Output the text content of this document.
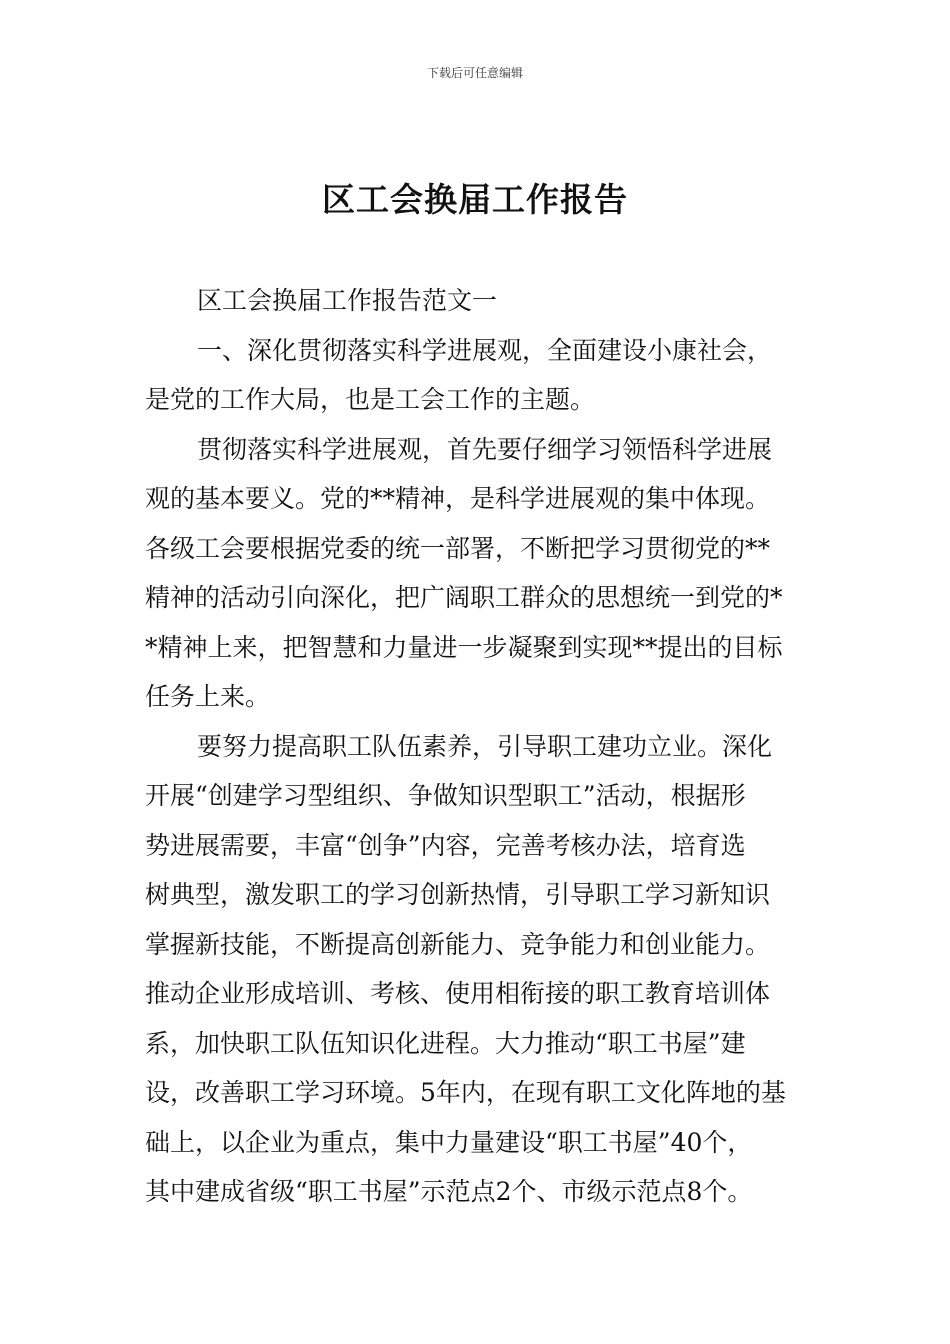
下载后可任意编辑
区工会换届工作报告
区工会换届工作报告范文一
一、深化贯彻落实科学进展观，全面建设小康社会，
是党的工作大局，也是工会工作的主题。
贯彻落实科学进展观，首先要仔细学习领悟科学进展
观的基本要义。党的**精神，是科学进展观的集中体现。
各级工会要根据党委的统一部署，不断把学习贯彻党的**
精神的活动引向深化，把广阔职工群众的思想统一到党的*
*精神上来，把智慧和力量进一步凝聚到实现**提出的目标
任务上来。
要努力提高职工队伍素养，引导职工建功立业。深化
开展“创建学习型组织、争做知识型职工”活动，根据形
势进展需要，丰富“创争”内容，完善考核办法，培育选
树典型，激发职工的学习创新热情，引导职工学习新知识
掌握新技能，不断提高创新能力、竞争能力和创业能力。
推动企业形成培训、考核、使用相衔接的职工教育培训体
系，加快职工队伍知识化进程。大力推动“职工书屋”建
设，改善职工学习环境。5年内，在现有职工文化阵地的基
础上，以企业为重点，集中力量建设“职工书屋”40个，
其中建成省级“职工书屋”示范点2个、市级示范点8个。
